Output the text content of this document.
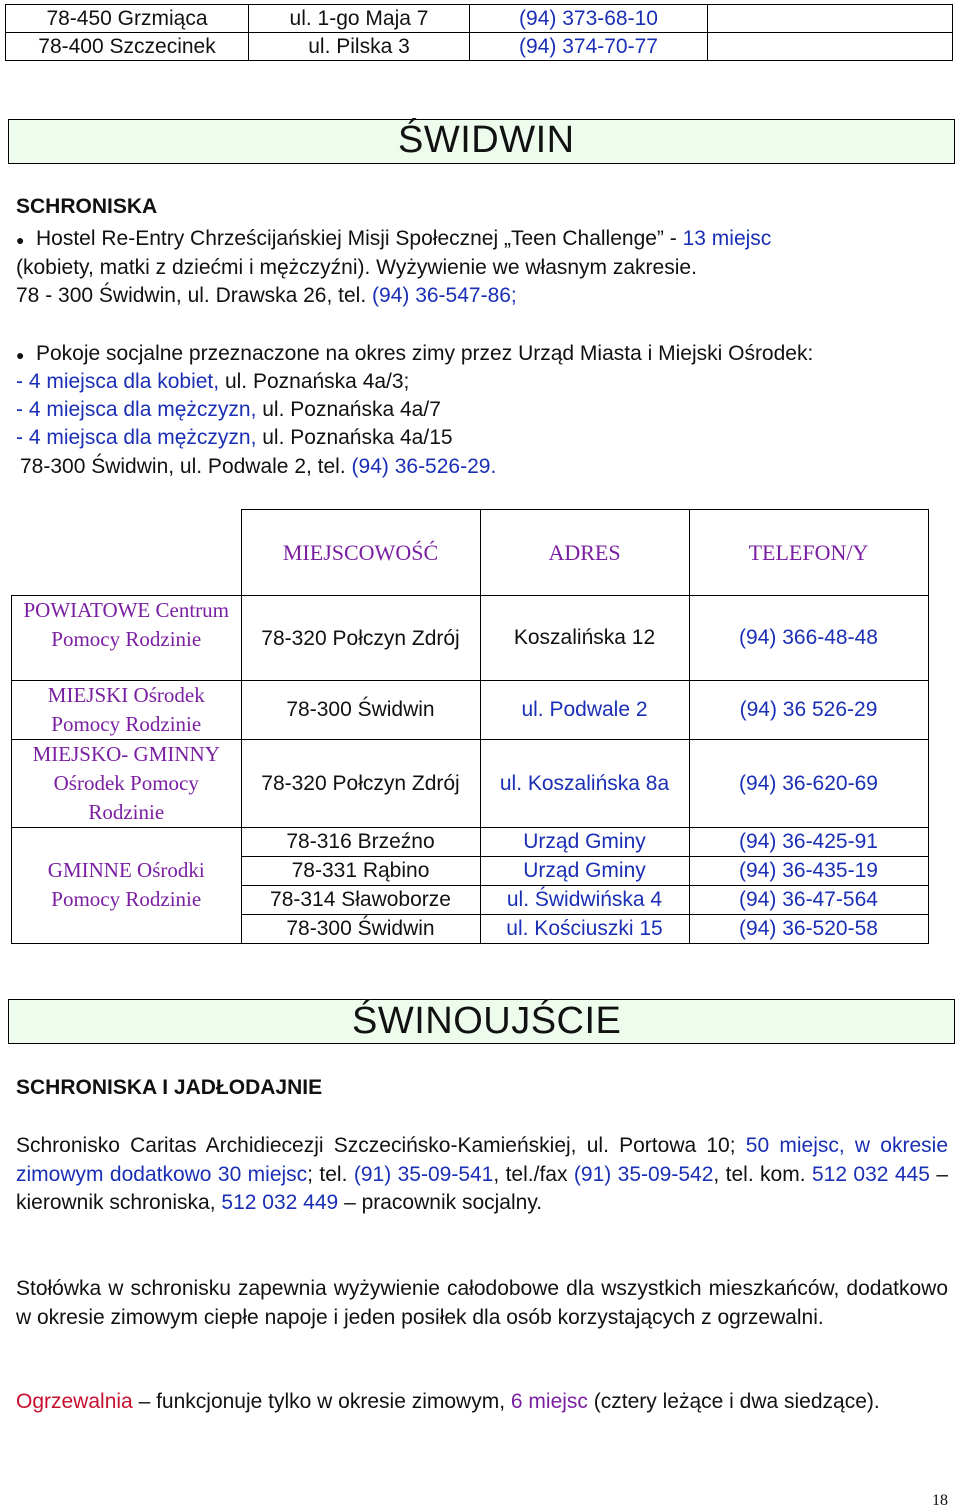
78-450 Grzmiąca	ul. 1-go Maja 7	(94) 373-68-10	
78-400 Szczecinek	ul. Pilska 3	(94) 374-70-77	
ŚWIDWIN
SCHRONISKA
● Hostel Re-Entry Chrześcijańskiej Misji Społecznej „Teen Challenge” - 13 miejsc
(kobiety, matki z dziećmi i mężczyźni). Wyżywienie we własnym zakresie.
78 - 300 Świdwin, ul. Drawska 26, tel. (94) 36-547-86;
● Pokoje socjalne przeznaczone na okres zimy przez Urząd Miasta i Miejski Ośrodek:
- 4 miejsca dla kobiet, ul. Poznańska 4a/3;
- 4 miejsca dla mężczyzn, ul. Poznańska 4a/7
- 4 miejsca dla mężczyzn, ul. Poznańska 4a/15
78-300 Świdwin, ul. Podwale 2, tel. (94) 36-526-29.
	MIEJSCOWOŚĆ	ADRES	TELEFON/Y
POWIATOWE Centrum Pomocy Rodzinie	78-320 Połczyn Zdrój	Koszalińska 12	(94) 366-48-48
MIEJSKI Ośrodek Pomocy Rodzinie	78-300 Świdwin	ul. Podwale 2	(94) 36 526-29
MIEJSKO- GMINNY Ośrodek Pomocy Rodzinie	78-320 Połczyn Zdrój	ul. Koszalińska 8a	(94) 36-620-69
GMINNE Ośrodki Pomocy Rodzinie	78-316 Brzeźno	Urząd Gminy	(94) 36-425-91
	78-331 Rąbino	Urząd Gminy	(94) 36-435-19
	78-314 Sławoborze	ul. Świdwińska 4	(94) 36-47-564
	78-300 Świdwin	ul. Kościuszki 15	(94) 36-520-58
ŚWINOUJŚCIE
SCHRONISKA I JADŁODAJNIE

Schronisko Caritas Archidiecezji Szczecińsko-Kamieńskiej, ul. Portowa 10; 50 miejsc, w okresie zimowym dodatkowo 30 miejsc; tel. (91) 35-09-541, tel./fax (91) 35-09-542, tel. kom. 512 032 445 – kierownik schroniska, 512 032 449 – pracownik socjalny.

Stołówka w schronisku zapewnia wyżywienie całodobowe dla wszystkich mieszkańców, dodatkowo w okresie zimowym ciepłe napoje i jeden posiłek dla osób korzystających z ogrzewalni.

Ogrzewalnia – funkcjonuje tylko w okresie zimowym, 6 miejsc (cztery leżące i dwa siedzące).

18
